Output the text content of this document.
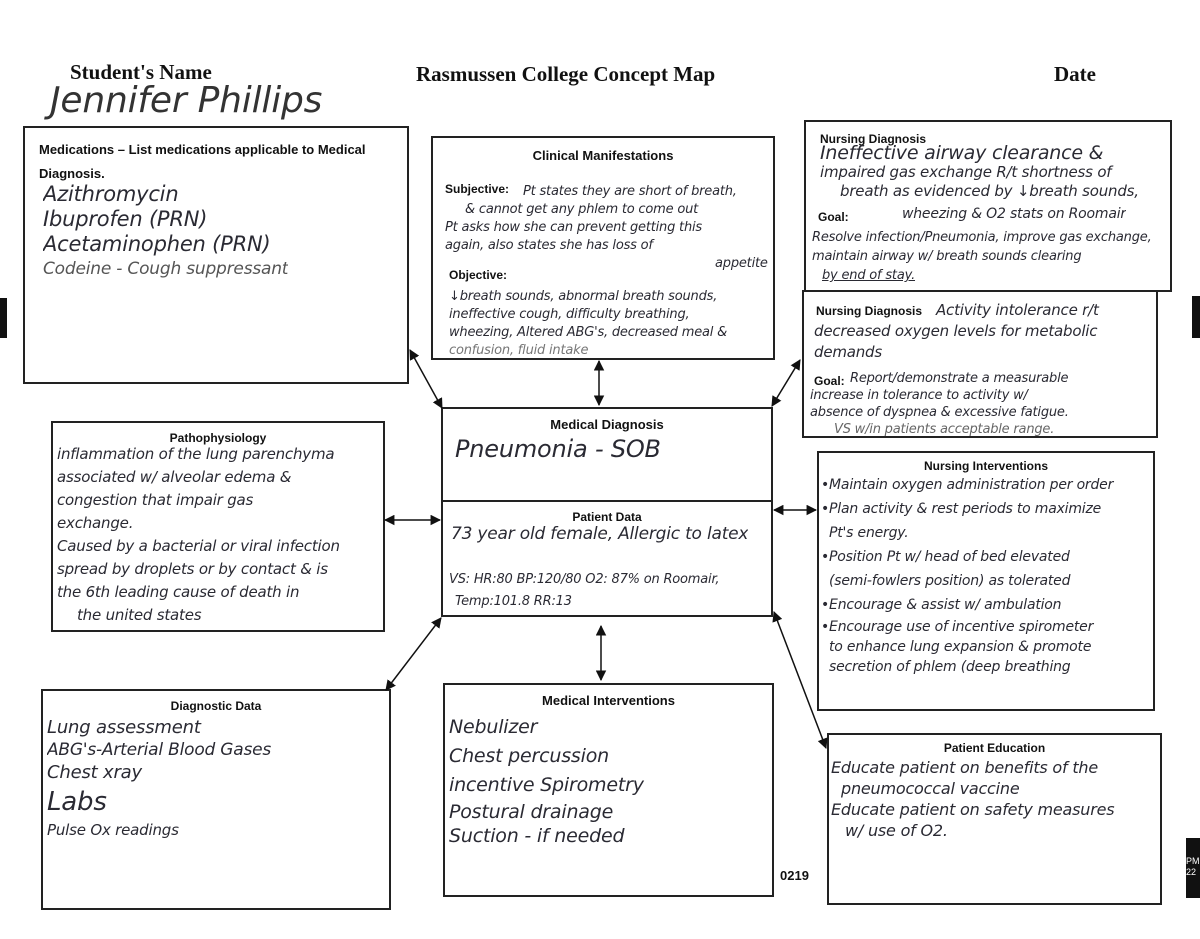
Student's Name
Jennifer Phillips
Rasmussen College Concept Map	Date
Medications – List medications applicable to Medical Diagnosis.
Azithromycin
Ibuprofen (PRN)
Acetaminophen (PRN)
Codeine - Cough suppressant
Clinical Manifestations
Subjective:	Pt states they are short of breath,
& cannot get any phlem to come out
Pt asks how she can prevent getting this
again, also states she has loss of
appetite
Objective:
↓breath sounds, abnormal breath sounds,
ineffective cough, difficulty breathing,
wheezing, Altered ABG's, decreased meal &
confusion, fluid intake
Nursing Diagnosis
Ineffective airway clearance &
impaired gas exchange R/t shortness of
breath as evidenced by ↓breath sounds,
Goal:	wheezing & O2 stats on Roomair
Resolve infection/Pneumonia, improve gas exchange,
maintain airway w/ breath sounds clearing
by end of stay.
Nursing Diagnosis Activity intolerance r/t
decreased oxygen levels for metabolic
demands
Goal: Report/demonstrate a measurable
increase in tolerance to activity w/
absence of dyspnea & excessive fatigue.
VS w/in patients acceptable range.
Medical Diagnosis
Pneumonia - SOB
Patient Data
73 year old female, Allergic to latex
VS: HR:80 BP:120/80 O2: 87% on Roomair,
Temp:101.8 RR:13
Pathophysiology
inflammation of the lung parenchyma
associated w/ alveolar edema &
congestion that impair gas
exchange.
Caused by a bacterial or viral infection
spread by droplets or by contact & is
the 6th leading cause of death in
the united states
Nursing Interventions
•Maintain oxygen administration per order
•Plan activity & rest periods to maximize
Pt's energy.
•Position Pt w/ head of bed elevated
(semi-fowlers position) as tolerated
•Encourage & assist w/ ambulation
•Encourage use of incentive spirometer
to enhance lung expansion & promote
secretion of phlem (deep breathing
Diagnostic Data
Lung assessment
ABG's-Arterial Blood Gases
Chest xray
Labs
Pulse Ox readings
Medical Interventions
Nebulizer
Chest percussion
incentive Spirometry
Postural drainage
Suction - if needed
Patient Education
Educate patient on benefits of the
pneumococcal vaccine
Educate patient on safety measures
w/ use of O2.
0219
PM
22
